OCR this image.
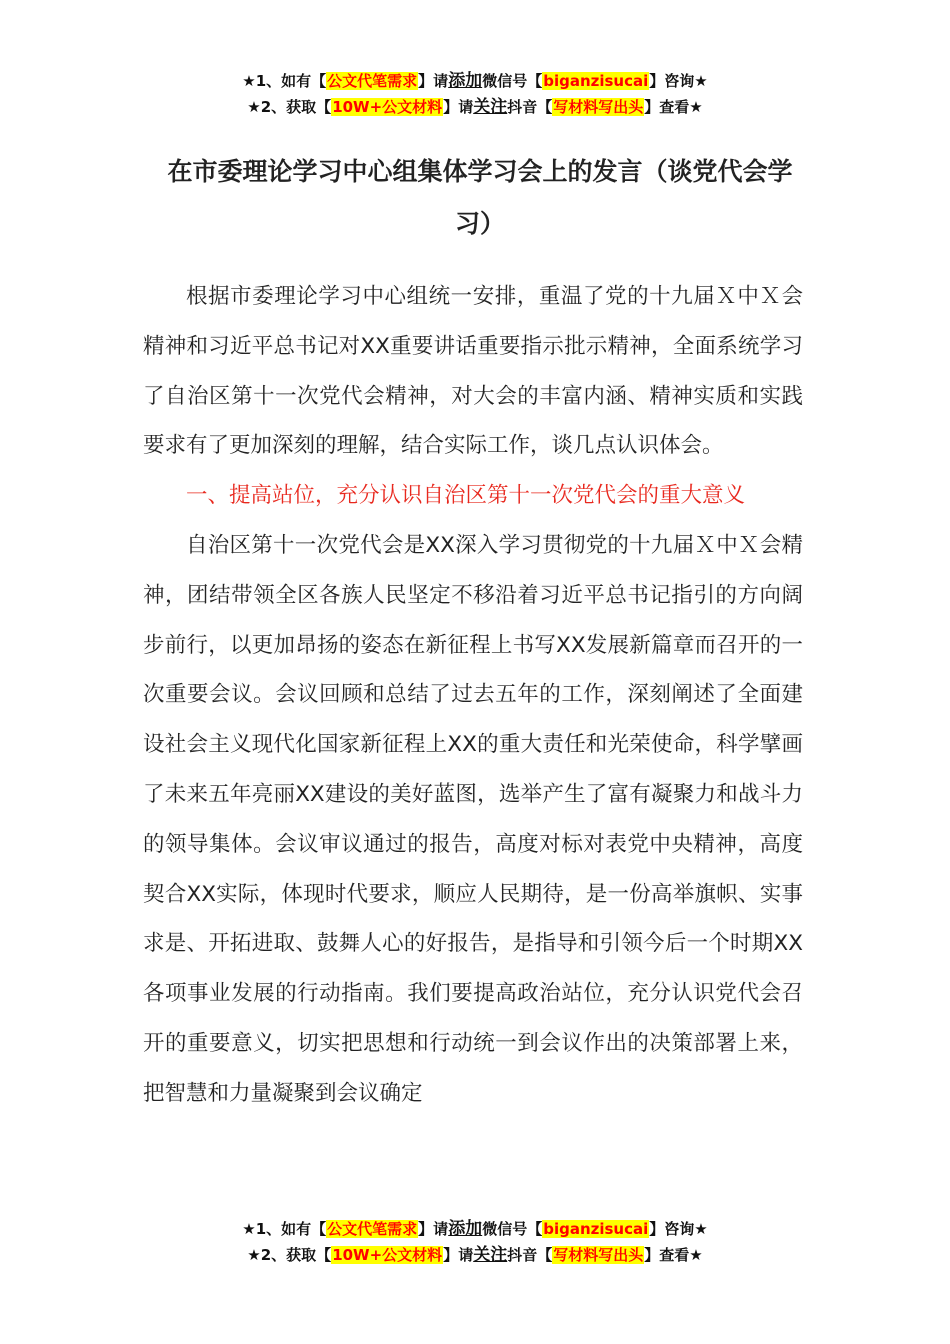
★1、如有【公文代笔需求】请添加微信号【biganzisucai】咨询★
★2、获取【10W+公文材料】请关注抖音【写材料写出头】查看★
在市委理论学习中心组集体学习会上的发言（谈党代会学习）

根据市委理论学习中心组统一安排，重温了党的十九届Ｘ中Ｘ会精神和习近平总书记对XX重要讲话重要指示批示精神，全面系统学习了自治区第十一次党代会精神，对大会的丰富内涵、精神实质和实践要求有了更加深刻的理解，结合实际工作，谈几点认识体会。

一、提高站位，充分认识自治区第十一次党代会的重大意义

自治区第十一次党代会是XX深入学习贯彻党的十九届Ｘ中Ｘ会精神，团结带领全区各族人民坚定不移沿着习近平总书记指引的方向阔步前行，以更加昂扬的姿态在新征程上书写XX发展新篇章而召开的一次重要会议。会议回顾和总结了过去五年的工作，深刻阐述了全面建设社会主义现代化国家新征程上XX的重大责任和光荣使命，科学擘画了未来五年亮丽XX建设的美好蓝图，选举产生了富有凝聚力和战斗力的领导集体。会议审议通过的报告，高度对标对表党中央精神，高度契合XX实际，体现时代要求，顺应人民期待，是一份高举旗帜、实事求是、开拓进取、鼓舞人心的好报告，是指导和引领今后一个时期XX各项事业发展的行动指南。我们要提高政治站位，充分认识党代会召开的重要意义，切实把思想和行动统一到会议作出的决策部署上来，把智慧和力量凝聚到会议确定

★1、如有【公文代笔需求】请添加微信号【biganzisucai】咨询★
★2、获取【10W+公文材料】请关注抖音【写材料写出头】查看★
